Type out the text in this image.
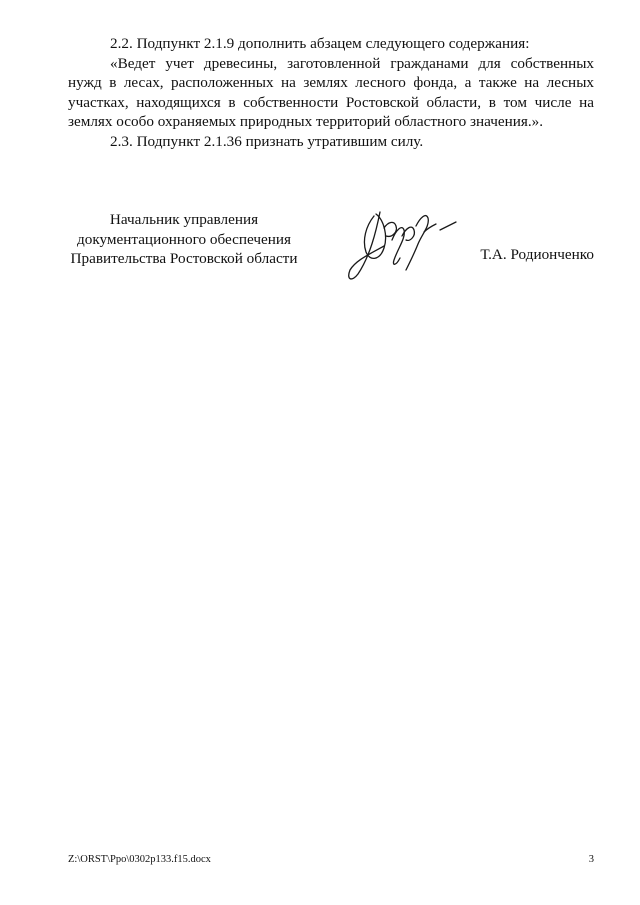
2.2. Подпункт 2.1.9 дополнить абзацем следующего содержания:

«Ведет учет древесины, заготовленной гражданами для собственных нужд в лесах, расположенных на землях лесного фонда, а также на лесных участках, находящихся в собственности Ростовской области, в том числе на землях особо охраняемых природных территорий областного значения.».

2.3. Подпункт 2.1.36 признать утратившим силу.

Начальник управления
документационного обеспечения
Правительства Ростовской области	Т.А. Родионченко
Z:\ORST\Ppo\0302p133.f15.docx	3
